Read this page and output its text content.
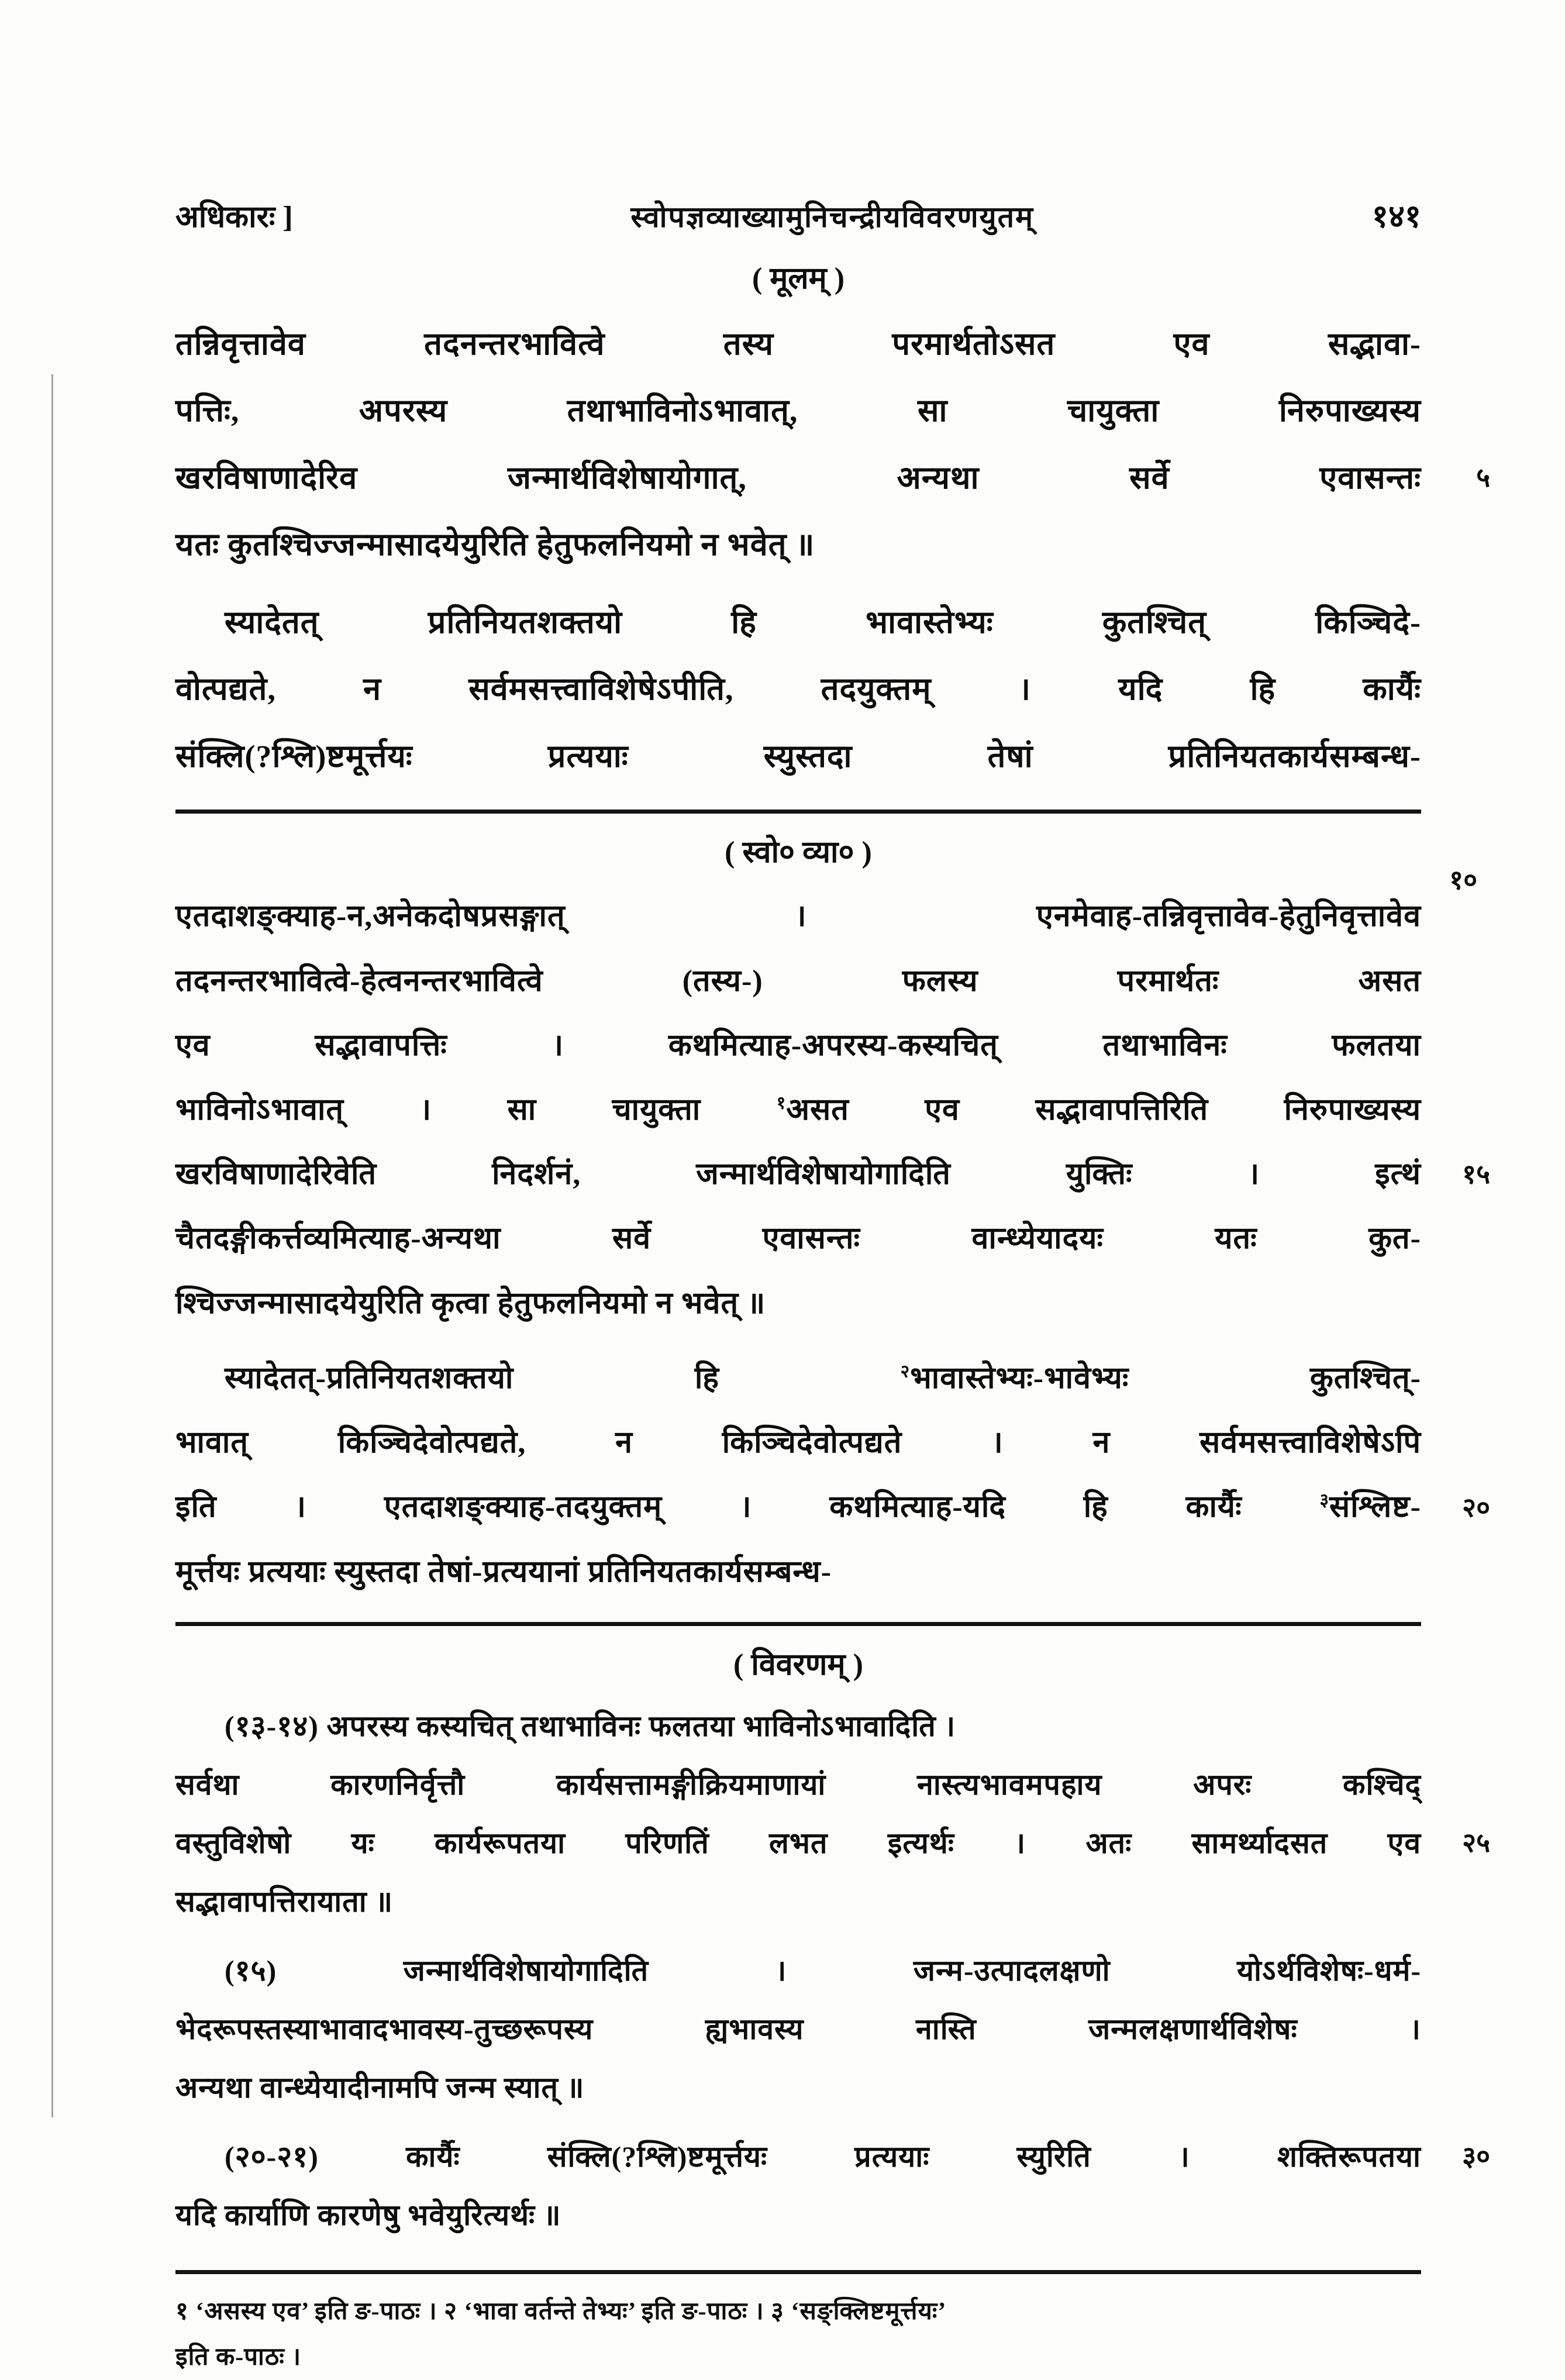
अधिकारः ]	स्वोपज्ञव्याख्यामुनिचन्द्रीयविवरणयुतम्	१४१
( मूलम् )
तन्निवृत्तावेव तदनन्तरभावित्वे तस्य परमार्थतोऽसत एव सद्भावा-
पत्तिः, अपरस्य तथाभाविनोऽभावात्, सा चायुक्ता निरुपाख्यस्य
खरविषाणादेरिव जन्मार्थविशेषायोगात्, अन्यथा सर्वे एवासन्तः ५
यतः कुतश्चिज्जन्मासादयेयुरिति हेतुफलनियमो न भवेत् ॥
स्यादेतत् प्रतिनियतशक्तयो हि भावास्तेभ्यः कुतश्चित् किञ्चिदे-
वोत्पद्यते, न सर्वमसत्त्वाविशेषेऽपीति, तदयुक्तम् । यदि हि कार्यैः
संक्लि(?श्लि)ष्टमूर्त्तयः प्रत्ययाः स्युस्तदा तेषां प्रतिनियतकार्यसम्बन्ध-
( स्वो० व्या० )
१०
एतदाशङ्क्याह-न,अनेकदोषप्रसङ्गात् । एनमेवाह-तन्निवृत्तावेव-हेतुनिवृत्तावेव
तदनन्तरभावित्वे-हेत्वनन्तरभावित्वे (तस्य-) फलस्य परमार्थतः असत
एव सद्भावापत्तिः । कथमित्याह-अपरस्य-कस्यचित् तथाभाविनः फलतया
भाविनोऽभावात् । सा चायुक्ता $^१$असत एव सद्भावापत्तिरिति निरुपाख्यस्य
खरविषाणादेरिवेति निदर्शनं, जन्मार्थविशेषायोगादिति युक्तिः । इत्थं १५
चैतदङ्गीकर्त्तव्यमित्याह-अन्यथा सर्वे एवासन्तः वान्ध्येयादयः यतः कुत-
श्चिज्जन्मासादयेयुरिति कृत्वा हेतुफलनियमो न भवेत् ॥
स्यादेतत्-प्रतिनियतशक्तयो हि $^२$भावास्तेभ्यः-भावेभ्यः कुतश्चित्-
भावात् किञ्चिदेवोत्पद्यते, न किञ्चिदेवोत्पद्यते । न सर्वमसत्त्वाविशेषेऽपि
इति । एतदाशङ्क्याह-तदयुक्तम् । कथमित्याह-यदि हि कार्यैः $^३$संश्लिष्ट- २०
मूर्त्तयः प्रत्ययाः स्युस्तदा तेषां-प्रत्ययानां प्रतिनियतकार्यसम्बन्ध-
( विवरणम् )
(१३-१४) अपरस्य कस्यचित् तथाभाविनः फलतया भाविनोऽभावादिति ।
सर्वथा कारणनिर्वृत्तौ कार्यसत्तामङ्गीक्रियमाणायां नास्त्यभावमपहाय अपरः कश्चिद्
वस्तुविशेषो यः कार्यरूपतया परिणतिं लभत इत्यर्थः । अतः सामर्थ्यादसत एव २५
सद्भावापत्तिरायाता ॥
(१५) जन्मार्थविशेषायोगादिति । जन्म-उत्पादलक्षणो योऽर्थविशेषः-धर्म-
भेदरूपस्तस्याभावादभावस्य-तुच्छरूपस्य ह्यभावस्य नास्ति जन्मलक्षणार्थविशेषः ।
अन्यथा वान्ध्येयादीनामपि जन्म स्यात् ॥
(२०-२१) कार्यैः संक्लि(?श्लि)ष्टमूर्त्तयः प्रत्ययाः स्युरिति । शक्तिरूपतया	३०
यदि कार्याणि कारणेषु भवेयुरित्यर्थः ॥
१ ‘असस्य एव’ इति ङ-पाठः । २ ‘भावा वर्तन्ते तेभ्यः’ इति ङ-पाठः । ३ ‘सङ्क्लिष्टमूर्त्तयः’
इति क-पाठः ।
